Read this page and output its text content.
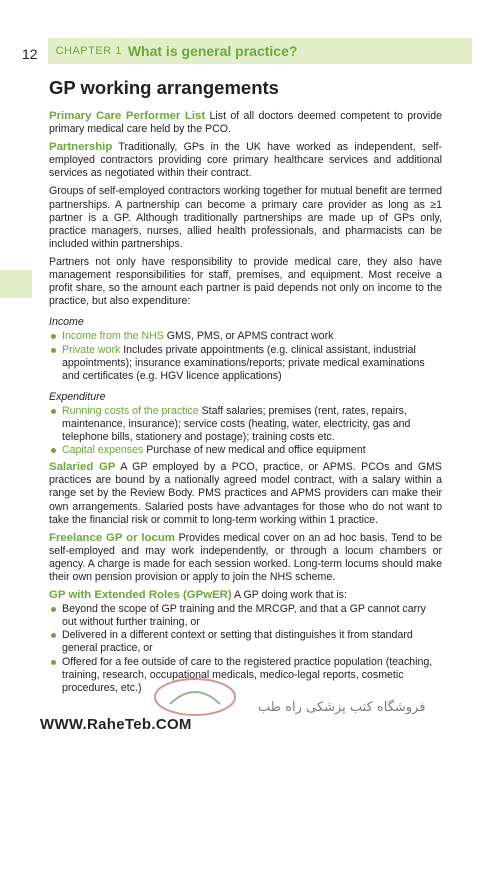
12 CHAPTER 1 What is general practice?
GP working arrangements

Primary Care Performer List List of all doctors deemed competent to provide primary medical care held by the PCO.

Partnership Traditionally, GPs in the UK have worked as independent, self-employed contractors providing core primary healthcare services and additional services as negotiated within their contract.

Groups of self-employed contractors working together for mutual benefit are termed partnerships. A partnership can become a primary care provider as long as ≥1 partner is a GP. Although traditionally partnerships are made up of GPs only, practice managers, nurses, allied health professionals, and pharmacists can be included within partnerships.

Partners not only have responsibility to provide medical care, they also have management responsibilities for staff, premises, and equipment. Most receive a profit share, so the amount each partner is paid depends not only on income to the practice, but also expenditure:

Income
Income from the NHS GMS, PMS, or APMS contract work
Private work Includes private appointments (e.g. clinical assistant, industrial appointments); insurance examinations/reports; private medical examinations and certificates (e.g. HGV licence applications)
Expenditure
Running costs of the practice Staff salaries; premises (rent, rates, repairs, maintenance, insurance); service costs (heating, water, electricity, gas and telephone bills, stationery and postage); training costs etc.
Capital expenses Purchase of new medical and office equipment

Salaried GP A GP employed by a PCO, practice, or APMS. PCOs and GMS practices are bound by a nationally agreed model contract, with a salary within a range set by the Review Body. PMS practices and APMS providers can make their own arrangements. Salaried posts have advantages for those who do not want to take the financial risk or commit to long-term working within 1 practice.

Freelance GP or locum Provides medical cover on an ad hoc basis. Tend to be self-employed and may work independently, or through a locum chambers or agency. A charge is made for each session worked. Long-term locums should make their own pension provision or apply to join the NHS scheme.

GP with Extended Roles (GPwER) A GP doing work that is:

Beyond the scope of GP training and the MRCGP, and that a GP cannot carry out without further training, or
Delivered in a different context or setting that distinguishes it from standard general practice, or
Offered for a fee outside of care to the registered practice population (teaching, training, research, occupational medicals, medico-legal reports, cosmetic procedures, etc.)
فروشگاه کتب پزشکی راه طب
WWW.RaheTeb.COM
